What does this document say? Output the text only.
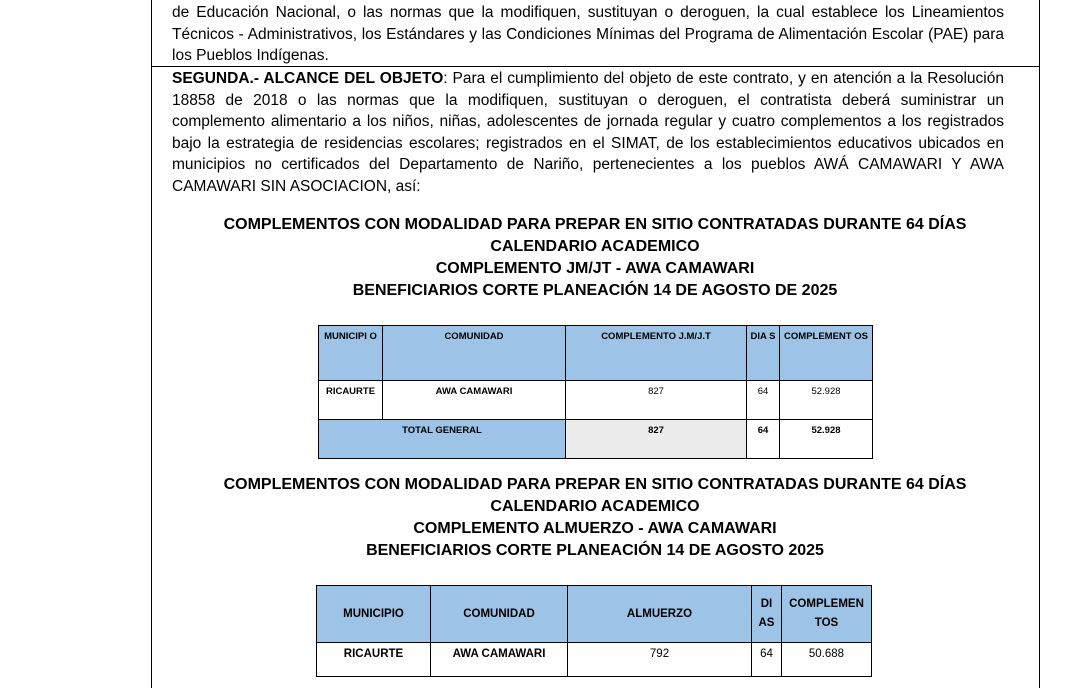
de Educación Nacional, o las normas que la modifiquen, sustituyan o deroguen, la cual establece los Lineamientos Técnicos - Administrativos, los Estándares y las Condiciones Mínimas del Programa de Alimentación Escolar (PAE) para los Pueblos Indígenas.

SEGUNDA.- ALCANCE DEL OBJETO: Para el cumplimiento del objeto de este contrato, y en atención a la Resolución 18858 de 2018 o las normas que la modifiquen, sustituyan o deroguen, el contratista deberá suministrar un complemento alimentario a los niños, niñas, adolescentes de jornada regular y cuatro complementos a los registrados bajo la estrategia de residencias escolares; registrados en el SIMAT, de los establecimientos educativos ubicados en municipios no certificados del Departamento de Nariño, pertenecientes a los pueblos AWÁ CAMAWARI Y AWA CAMAWARI SIN ASOCIACION, así:

COMPLEMENTOS CON MODALIDAD PARA PREPAR EN SITIO CONTRATADAS DURANTE 64 DÍAS
CALENDARIO ACADEMICO
COMPLEMENTO JM/JT - AWA CAMAWARI
BENEFICIARIOS CORTE PLANEACIÓN 14 DE AGOSTO DE 2025
MUNICIPI O	COMUNIDAD	COMPLEMENTO J.M/J.T	DIA S	COMPLEMENT OS
RICAURTE	AWA CAMAWARI	827	64	52.928
TOTAL GENERAL		827	64	52.928
COMPLEMENTOS CON MODALIDAD PARA PREPAR EN SITIO CONTRATADAS DURANTE 64 DÍAS
CALENDARIO ACADEMICO
COMPLEMENTO ALMUERZO - AWA CAMAWARI
BENEFICIARIOS CORTE PLANEACIÓN 14 DE AGOSTO 2025
MUNICIPIO	COMUNIDAD	ALMUERZO	DI AS	COMPLEMEN TOS
RICAURTE	AWA CAMAWARI	792	64	50.688
